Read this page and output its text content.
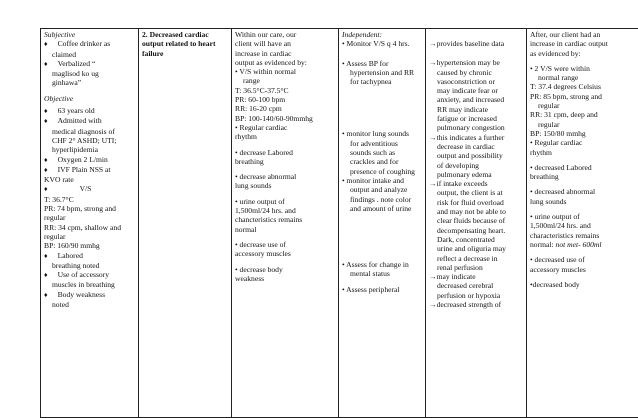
Subjective
♦ Coffee drinker as
claimed
♦ Verbalized “
maglisod ko ug
ginhawa”
Objective
♦ 63 years old
♦ Admitted with
medical diagnosis of
CHF 2° ASHD; UTI;
hyperlipidemia
♦ Oxygen 2 L/min
♦ IVF Plain NSS at
KVO rate
♦	V/S
T: 36.7°C
PR: 74 bpm, strong and
regular
RR: 34 cpm, shallow and
regular
BP: 160/90 mmhg
♦ Labored
breathing noted
♦ Use of accessory
muscles in breathing
♦ Body weakness
noted

2. Decreased cardiac
output related to heart
failure

Within our care, our
client will have an
increase in cardiac
output as evidenced by:
• V/S within normal
range
T: 36.5°C-37.5°C
PR: 60-100 bpm
RR: 16-20 cpm
BP: 100-140/60-90mmhg
• Regular cardiac
rhythm
• decrease Labored
breathing
• decrease abnormal
lung sounds
• urine output of
1,500ml/24 hrs. and
chancteristics remains
normal
• decrease use of
accessory muscles
• decrease body
weakness

Independent:
• Monitor V/S q 4 hrs.
• Assess BP for
hypertension and RR
for tachypnea
• monitor lung sounds
for adventitious
sounds such as
crackles and for
presence of coughing
• monitor intake and
output and analyze
findings . note color
and amount of urine
• Assess for change in
mental status
• Assess peripheral

→provides baseline data
→hypertension may be
caused by chronic
vasoconstriction or
may indicate fear or
anxiety, and increased
RR may indicate
fatigue or increased
pulmonary congestion
→this indicates a further
decrease in cardiac
output and possibility
of developing
pulmonary edema
→if intake exceeds
output, the client is at
risk for fluid overload
and may not be able to
clear fluids because of
decompensating heart.
Dark, concentrated
urine and oliguria may
reflect a decrease in
renal perfusion
→may indicate
decreased cerebral
perfusion or hypoxia
→decreased strength of

After, our client had an
increase in cardiac output
as evidenced by:
• 2 V/S were within
normal range
T: 37.4 degrees Celsius
PR: 85 bpm, strong and
regular
RR: 31 cpm, deep and
regular
BP: 150/80 mmhg
• Regular cardiac
rhythm
• decreased Labored
breathing
• decreased abnormal
lung sounds
• urine output of
1,500ml/24 hrs. and
characteristics remains
normal: not met- 600ml
• decreased use of
accessory muscles
•decreased body
